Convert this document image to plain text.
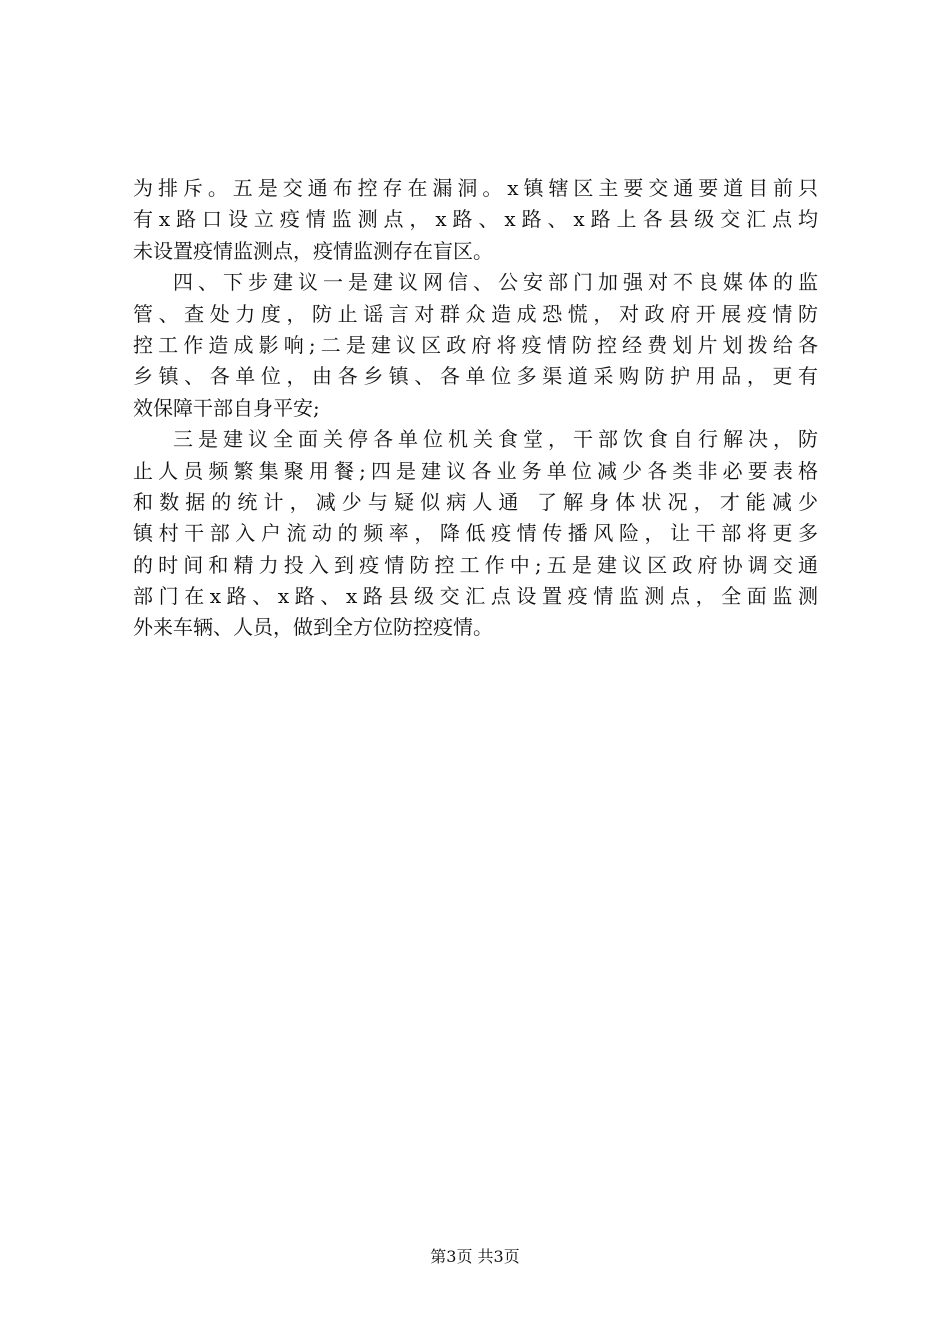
为排斥。五是交通布控存在漏洞。x镇辖区主要交通要道目前只
有x路口设立疫情监测点，x路、x路、x路上各县级交汇点均
未设置疫情监测点，疫情监测存在盲区。
四、下步建议一是建议网信、公安部门加强对不良媒体的监
管、查处力度，防止谣言对群众造成恐慌，对政府开展疫情防
控工作造成影响;二是建议区政府将疫情防控经费划片划拨给各
乡镇、各单位，由各乡镇、各单位多渠道采购防护用品，更有
效保障干部自身平安;
三是建议全面关停各单位机关食堂，干部饮食自行解决，防
止人员频繁集聚用餐;四是建议各业务单位减少各类非必要表格
和数据的统计，减少与疑似病人通 了解身体状况，才能减少
镇村干部入户流动的频率，降低疫情传播风险，让干部将更多
的时间和精力投入到疫情防控工作中;五是建议区政府协调交通
部门在x路、x路、x路县级交汇点设置疫情监测点，全面监测
外来车辆、人员，做到全方位防控疫情。
第3页 共3页
